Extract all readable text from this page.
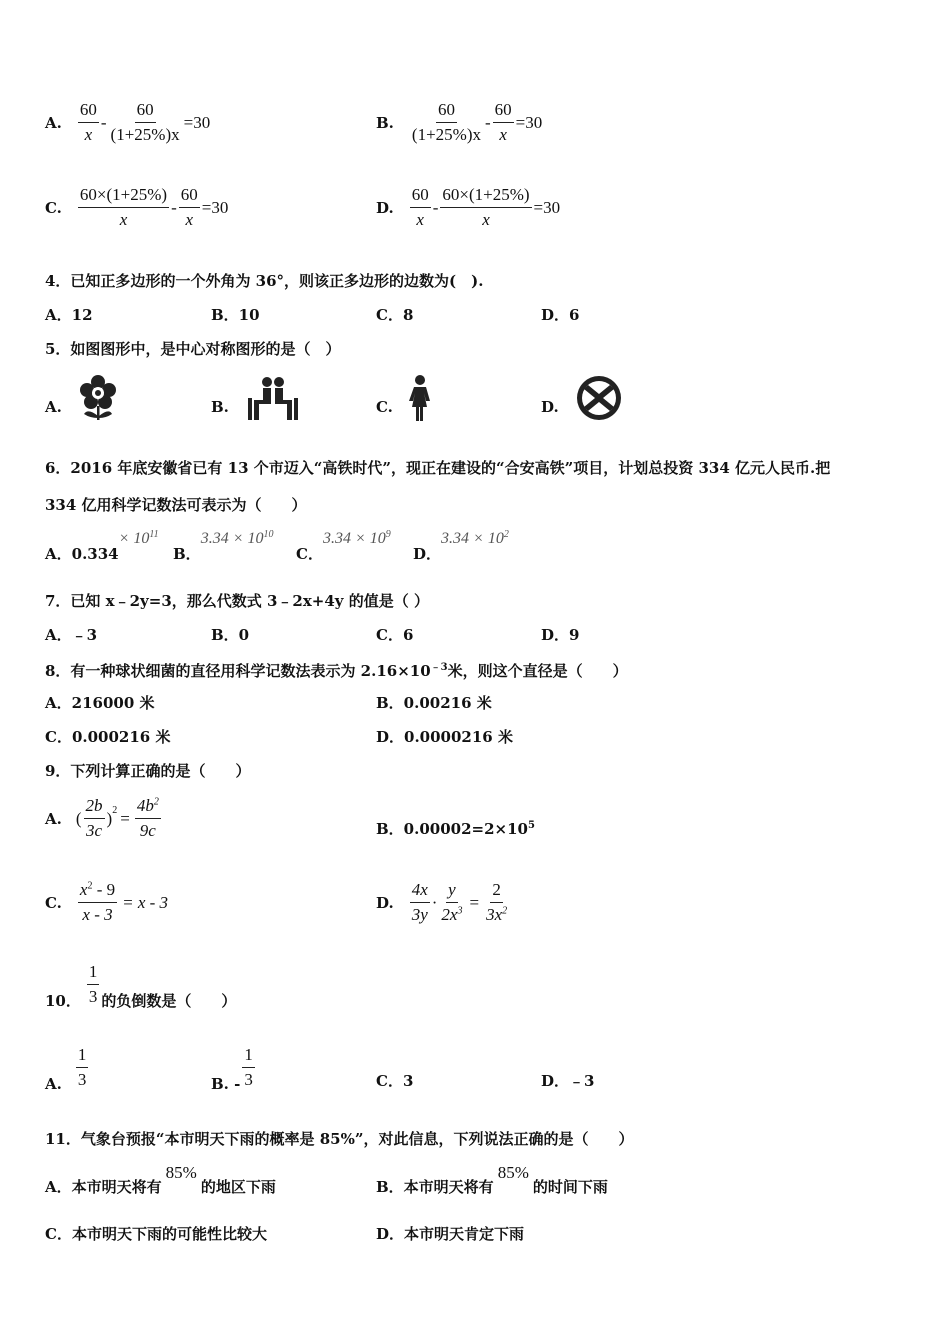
A. $\frac{60}{x} - \frac{60}{(1+25\%)x} =30$	B. $\frac{60}{(1+25\%)x} - \frac{60}{x} =30$
C. $\frac{60\times(1+25\%)}{x} - \frac{60}{x} =30$	D. $\frac{60}{x} - \frac{60\times(1+25\%)}{x} =30$
4．已知正多边形的一个外角为 36°，则该正多边形的边数为(　).
A．12	B．10	C．8	D．6
5．如图图形中，是中心对称图形的是（　）
A.	B.	C.	D.
6．2016 年底安徽省已有 13 个市迈入“高铁时代”，现正在建设的“合安高铁”项目，计划总投资 334 亿元人民币.把
334 亿用科学记数法可表示为（　　）
A．$0.334\times 10^{11}$
B．$3.34 \times 10^{10}$
C．$3.34 \times 10^9$
D．$3.34 \times 10^2$
7．已知 x﹣2y=3，那么代数式 3﹣2x+4y 的值是（ ）
A．﹣3	B．0	C．6	D．9
8．有一种球状细菌的直径用科学记数法表示为 $2.16\times 10^{﹣3}$米，则这个直径是（　　）
A．216000 米	B．0.00216 米
C．0.000216 米	D．0.0000216 米
9．下列计算正确的是（　　）
A. ( $\frac{2b}{3c} )^2 = \frac{4b^2}{9c}$	B．$0.00002=2\times 10^5$
C. $\frac{x^2 - 9}{x - 3} = x - 3$	D. $\frac{4x}{3y} \cdot \frac{y}{2x^3} = \frac{2}{3x^2}$
10． $\frac{1}{3}$ 的负倒数是（　　）
A. $\frac{1}{3}$	B. - $\frac{1}{3}$	C．3	D．﹣3
11．气象台预报“本市明天下雨的概率是 85%”，对此信息，下列说法正确的是（　　）
A．本市明天将有85%的地区下雨	B．本市明天将有85%的时间下雨
C．本市明天下雨的可能性比较大	D．本市明天肯定下雨
